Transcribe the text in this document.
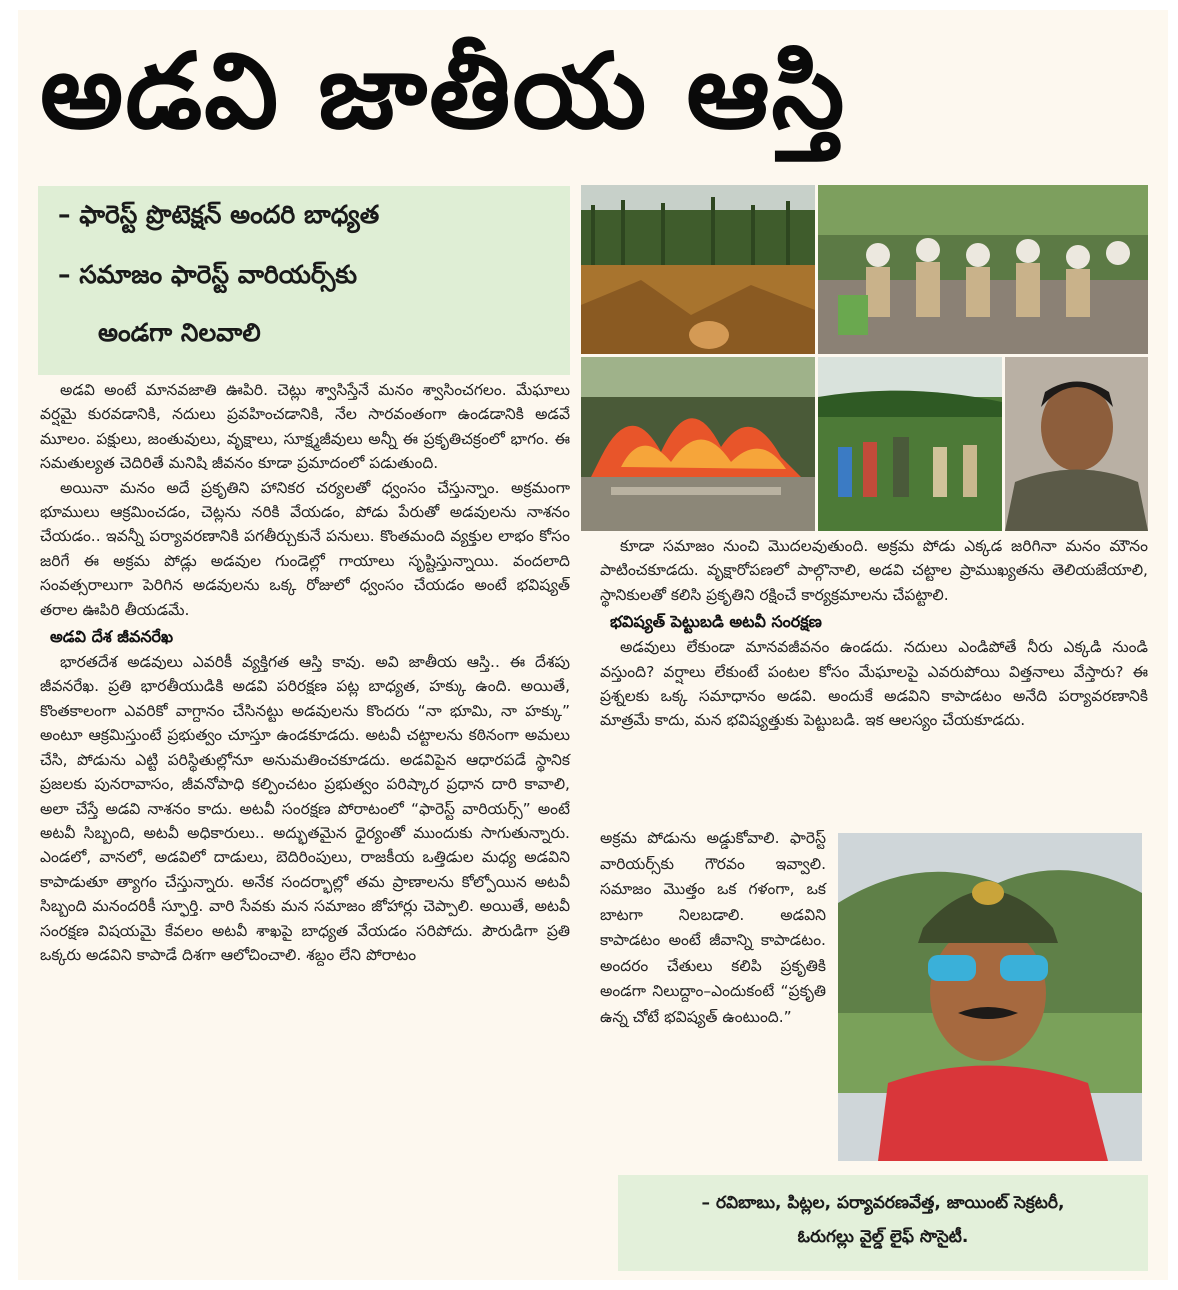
అడవి జాతీయ ఆస్తి
– ఫారెస్ట్ ప్రొటెక్షన్ అందరి బాధ్యత
– సమాజం ఫారెస్ట్ వారియర్స్‌కు
అండగా నిలవాలి

అడవి అంటే మానవజాతి ఊపిరి. చెట్లు శ్వాసిస్తేనే మనం శ్వాసించగలం. మేఘాలు వర్షమై కురవడానికి, నదులు ప్రవహించడానికి, నేల సారవంతంగా ఉండడానికి అడవే మూలం. పక్షులు, జంతువులు, వృక్షాలు, సూక్ష్మజీవులు అన్నీ ఈ ప్రకృతిచక్రంలో భాగం. ఈ సమతుల్యత చెదిరితే మనిషి జీవనం కూడా ప్రమాదంలో పడుతుంది.

అయినా మనం అదే ప్రకృతిని హానికర చర్యలతో ధ్వంసం చేస్తున్నాం. అక్రమంగా భూములు ఆక్రమించడం, చెట్లను నరికి వేయడం, పోడు పేరుతో అడవులను నాశనం చేయడం.. ఇవన్నీ పర్యావరణానికి పగతీర్చుకునే పనులు. కొంతమంది వ్యక్తుల లాభం కోసం జరిగే ఈ అక్రమ పోడ్లు అడవుల గుండెల్లో గాయాలు సృష్టిస్తున్నాయి. వందలాది సంవత్సరాలుగా పెరిగిన అడవులను ఒక్క రోజులో ధ్వంసం చేయడం అంటే భవిష్యత్ తరాల ఊపిరి తీయడమే.

అడవి దేశ జీవనరేఖ

భారతదేశ అడవులు ఎవరికీ వ్యక్తిగత ఆస్తి కావు. అవి జాతీయ ఆస్తి.. ఈ దేశపు జీవనరేఖ. ప్రతి భారతీయుడికి అడవి పరిరక్షణ పట్ల బాధ్యత, హక్కు ఉంది. అయితే, కొంతకాలంగా ఎవరికో వాగ్దానం చేసినట్టు అడవులను కొందరు “నా భూమి, నా హక్కు” అంటూ ఆక్రమిస్తుంటే ప్రభుత్వం చూస్తూ ఉండకూడదు. అటవీ చట్టాలను కఠినంగా అమలు చేసి, పోడును ఎట్టి పరిస్థితుల్లోనూ అనుమతించకూడదు. అడవిపైన ఆధారపడే స్థానిక ప్రజలకు పునరావాసం, జీవనోపాధి కల్పించటం ప్రభుత్వం పరిష్కార ప్రధాన దారి కావాలి, అలా చేస్తే అడవి నాశనం కాదు. అటవీ సంరక్షణ పోరాటంలో “ఫారెస్ట్ వారియర్స్” అంటే అటవీ సిబ్బంది, అటవీ అధికారులు.. అద్భుతమైన ధైర్యంతో ముందుకు సాగుతున్నారు. ఎండలో, వానలో, అడవిలో దాడులు, బెదిరింపులు, రాజకీయ ఒత్తిడుల మధ్య అడవిని కాపాడుతూ త్యాగం చేస్తున్నారు. అనేక సందర్భాల్లో తమ ప్రాణాలను కోల్పోయిన అటవీ సిబ్బంది మనందరికీ స్ఫూర్తి. వారి సేవకు మన సమాజం జోహార్లు చెప్పాలి. అయితే, అటవీ సంరక్షణ విషయమై కేవలం అటవీ శాఖపై బాధ్యత వేయడం సరిపోదు. పౌరుడిగా ప్రతి ఒక్కరు అడవిని కాపాడే దిశగా ఆలోచించాలి. శబ్దం లేని పోరాటం

కూడా సమాజం నుంచి మొదలవుతుంది. అక్రమ పోడు ఎక్కడ జరిగినా మనం మౌనం పాటించకూడదు. వృక్షారోపణలో పాల్గొనాలి, అడవి చట్టాల ప్రాముఖ్యతను తెలియజేయాలి, స్థానికులతో కలిసి ప్రకృతిని రక్షించే కార్యక్రమాలను చేపట్టాలి.

భవిష్యత్ పెట్టుబడి అటవీ సంరక్షణ

అడవులు లేకుండా మానవజీవనం ఉండదు. నదులు ఎండిపోతే నీరు ఎక్కడి నుండి వస్తుంది? వర్షాలు లేకుంటే పంటల కోసం మేఘాలపై ఎవరుపోయి విత్తనాలు వేస్తారు? ఈ ప్రశ్నలకు ఒక్క సమాధానం అడవి. అందుకే అడవిని కాపాడటం అనేది పర్యావరణానికి మాత్రమే కాదు, మన భవిష్యత్తుకు పెట్టుబడి. ఇక ఆలస్యం చేయకూడదు.

అక్రమ పోడును అడ్డుకోవాలి. ఫారెస్ట్ వారియర్స్‌కు గౌరవం ఇవ్వాలి. సమాజం మొత్తం ఒక గళంగా, ఒక బాటగా నిలబడాలి. అడవిని కాపాడటం అంటే జీవాన్ని కాపాడటం. అందరం చేతులు కలిపి ప్రకృతికి అండగా నిలుద్దాం–ఎందుకంటే “ప్రకృతి ఉన్న చోటే భవిష్యత్ ఉంటుంది.”

– రవిబాబు, పిట్లల, పర్యావరణవేత్త, జాయింట్ సెక్రటరీ,
ఓరుగల్లు వైల్డ్ లైఫ్ సొసైటీ.
